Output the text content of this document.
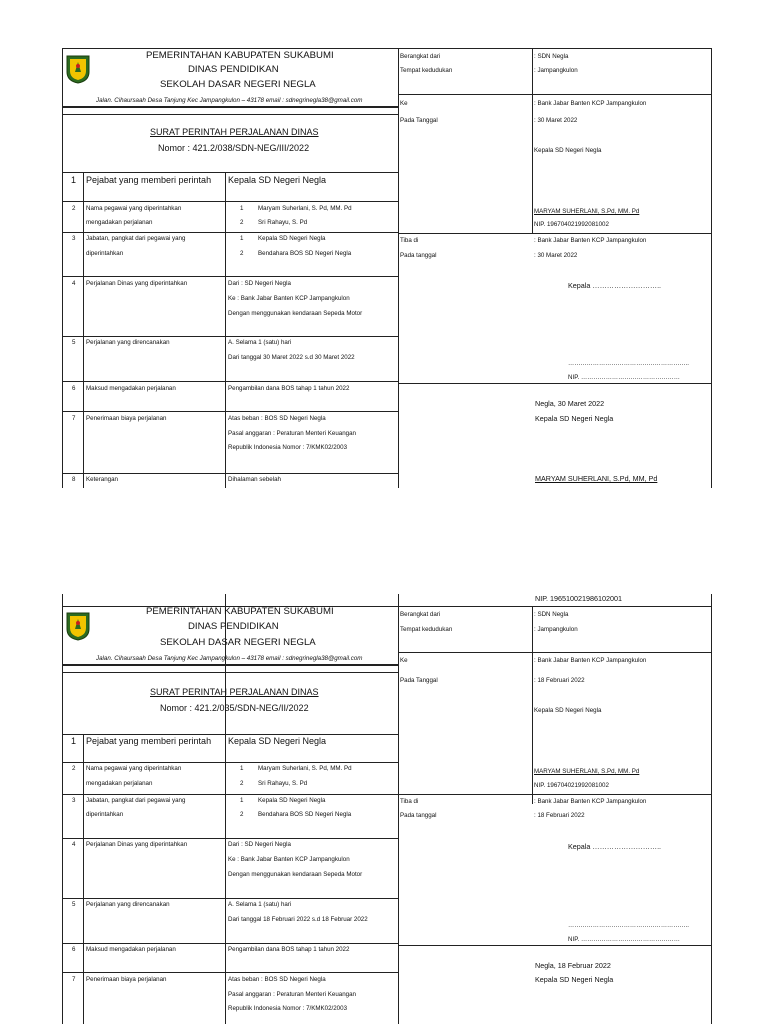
PEMERINTAHAN KABUPATEN SUKABUMI
DINAS PENDIDIKAN
SEKOLAH DASAR NEGERI NEGLA
Jalan. Cihaursaah Desa Tanjung Kec Jampangkulon – 43178 email : sdnegrinegla38@gmail.com
SURAT PERINTAH PERJALANAN DINAS
Nomor : 421.2/038/SDN-NEG/III/2022
1
2
3
4
5
6
7
8
Pejabat yang memberi perintah
Nama pegawai yang diperintahkan
mengadakan perjalanan
Jabatan, pangkat dari pegawai yang
diperintahkan
Perjalanan Dinas yang diperintahkan
Perjalanan yang direncanakan
Maksud mengadakan perjalanan
Penerimaan biaya perjalanan
Keterangan
Kepala SD Negeri Negla
1 Maryam Suherlani, S. Pd, MM. Pd
2 Sri Rahayu, S. Pd
1 Kepala SD Negeri Negla
2 Bendahara BOS SD Negeri Negla
Dari : SD Negeri Negla
Ke : Bank Jabar Banten KCP Jampangkulon
Dengan menggunakan kendaraan Sepeda Motor
A. Selama 1 (satu) hari
Dari tanggal 30 Maret 2022 s.d 30 Maret 2022
Pengambilan dana BOS tahap 1 tahun 2022
Atas beban : BOS SD Negeri Negla
Pasal anggaran : Peraturan Menteri Keuangan
Republik Indonesia Nomor : 7/KMK02/2003
Dihalaman sebelah
Berangkat dari
Tempat kedudukan
: SDN Negla
: Jampangkulon
Ke
Pada Tanggal
: Bank Jabar Banten KCP Jampangkulon
: 30 Maret 2022
Kepala SD Negeri Negla
MARYAM SUHERLANI, S.Pd, MM. Pd
NIP. 196704021992081002
Tiba di
Pada tanggal
: Bank Jabar Banten KCP Jampangkulon
: 30 Maret 2022
Kepala ………………………..
…………………………………………………..
NIP. …………………………………………
Negla, 30 Maret 2022
Kepala SD Negeri Negla
MARYAM SUHERLANI, S.Pd, MM, Pd
NIP. 196510021986102001
PEMERINTAHAN KABUPATEN SUKABUMI
DINAS PENDIDIKAN
SEKOLAH DASAR NEGERI NEGLA
Jalan. Cihaursaah Desa Tanjung Kec Jampangkulon – 43178 email : sdnegrinegla38@gmail.com
SURAT PERINTAH PERJALANAN DINAS
Nomor : 421.2/035/SDN-NEG/II/2022
1
2
3
4
5
6
7
Pejabat yang memberi perintah
Nama pegawai yang diperintahkan
mengadakan perjalanan
Jabatan, pangkat dari pegawai yang
diperintahkan
Perjalanan Dinas yang diperintahkan
Perjalanan yang direncanakan
Maksud mengadakan perjalanan
Penerimaan biaya perjalanan
Kepala SD Negeri Negla
1 Maryam Suherlani, S. Pd, MM. Pd
2 Sri Rahayu, S. Pd
1 Kepala SD Negeri Negla
2 Bendahara BOS SD Negeri Negla
Dari : SD Negeri Negla
Ke : Bank Jabar Banten KCP Jampangkulon
Dengan menggunakan kendaraan Sepeda Motor
A. Selama 1 (satu) hari
Dari tanggal 18 Februari 2022 s.d 18 Februar 2022
Pengambilan dana BOS tahap 1 tahun 2022
Atas beban : BOS SD Negeri Negla
Pasal anggaran : Peraturan Menteri Keuangan
Republik Indonesia Nomor : 7/KMK02/2003
Berangkat dari
Tempat kedudukan
: SDN Negla
: Jampangkulon
Ke
Pada Tanggal
: Bank Jabar Banten KCP Jampangkulon
: 18 Februari 2022
Kepala SD Negeri Negla
MARYAM SUHERLANI, S.Pd, MM. Pd
NIP. 196704021992081002
Tiba di
Pada tanggal
: Bank Jabar Banten KCP Jampangkulon
: 18 Februari 2022
Kepala ………………………..
…………………………………………………..
NIP. …………………………………………
Negla, 18 Februar 2022
Kepala SD Negeri Negla
